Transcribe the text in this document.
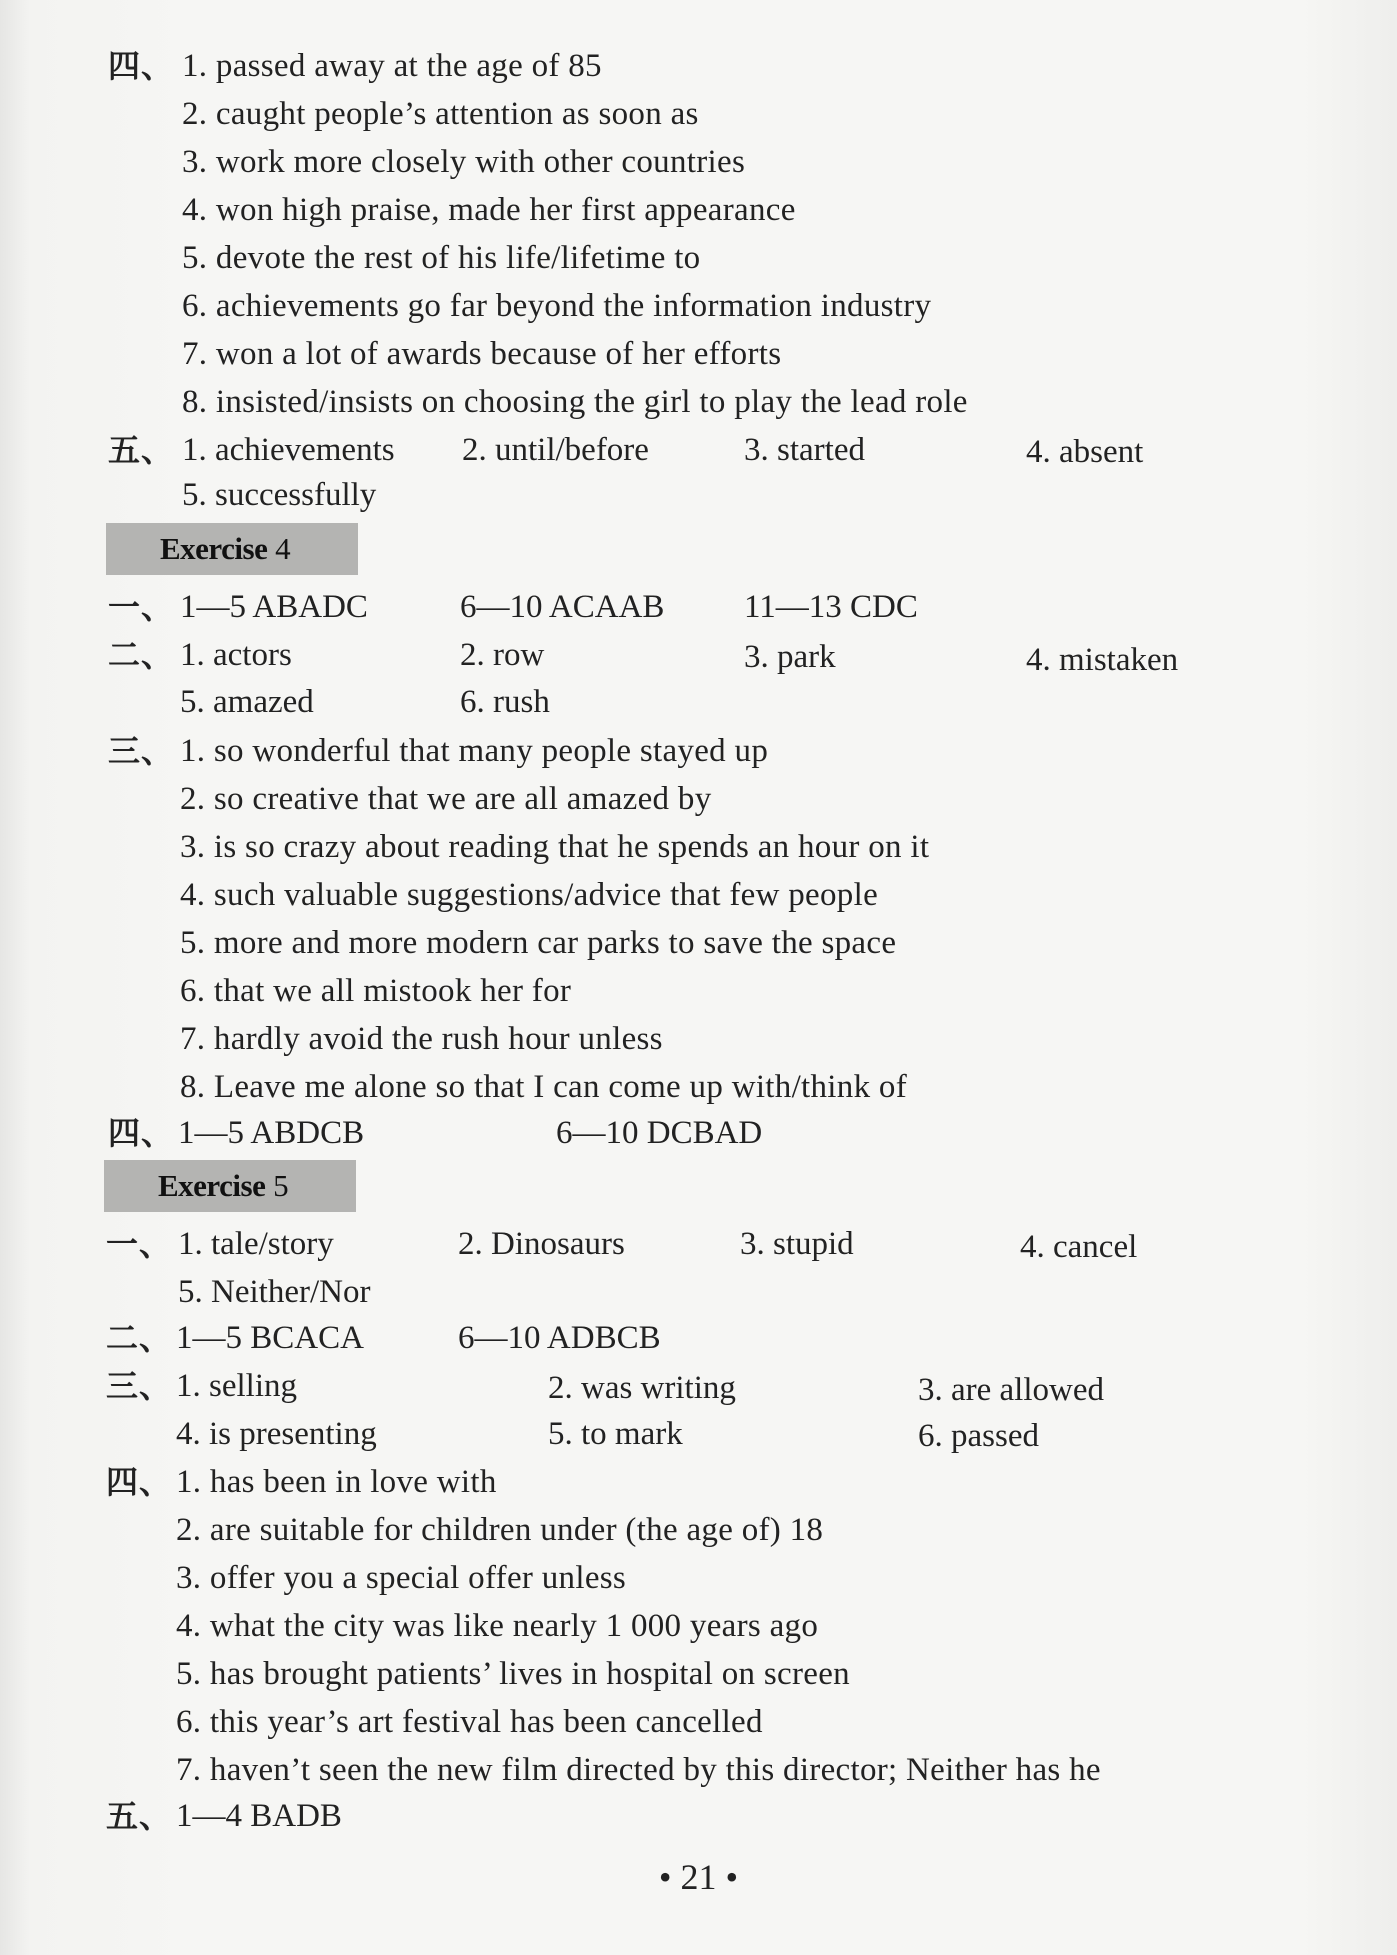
四、 1. passed away at the age of 85
2. caught people’s attention as soon as
3. work more closely with other countries
4. won high praise, made her first appearance
5. devote the rest of his life/lifetime to
6. achievements go far beyond the information industry
7. won a lot of awards because of her efforts
8. insisted/insists on choosing the girl to play the lead role
五、 1. achievements 2. until/before	3. started	4. absent
5. successfully
Exercise 4
一、 1—5 ABADC	6—10 ACAAB 11—13 CDC
二、 1. actors	2. row	3. park	4. mistaken
5. amazed	6. rush
三、 1. so wonderful that many people stayed up
2. so creative that we are all amazed by
3. is so crazy about reading that he spends an hour on it
4. such valuable suggestions/advice that few people
5. more and more modern car parks to save the space
6. that we all mistook her for
7. hardly avoid the rush hour unless
8. Leave me alone so that I can come up with/think of
四、 1—5 ABDCB	6—10 DCBAD
Exercise 5
一、 1. tale/story	2. Dinosaurs	3. stupid	4. cancel
5. Neither/Nor
二、 1—5 BCACA	6—10 ADBCB
三、 1. selling	2. was writing	3. are allowed
4. is presenting	5. to mark	6. passed
四、 1. has been in love with
2. are suitable for children under (the age of) 18
3. offer you a special offer unless
4. what the city was like nearly 1 000 years ago
5. has brought patients’ lives in hospital on screen
6. this year’s art festival has been cancelled
7. haven’t seen the new film directed by this director; Neither has he
五、 1—4 BADB
• 21 •
